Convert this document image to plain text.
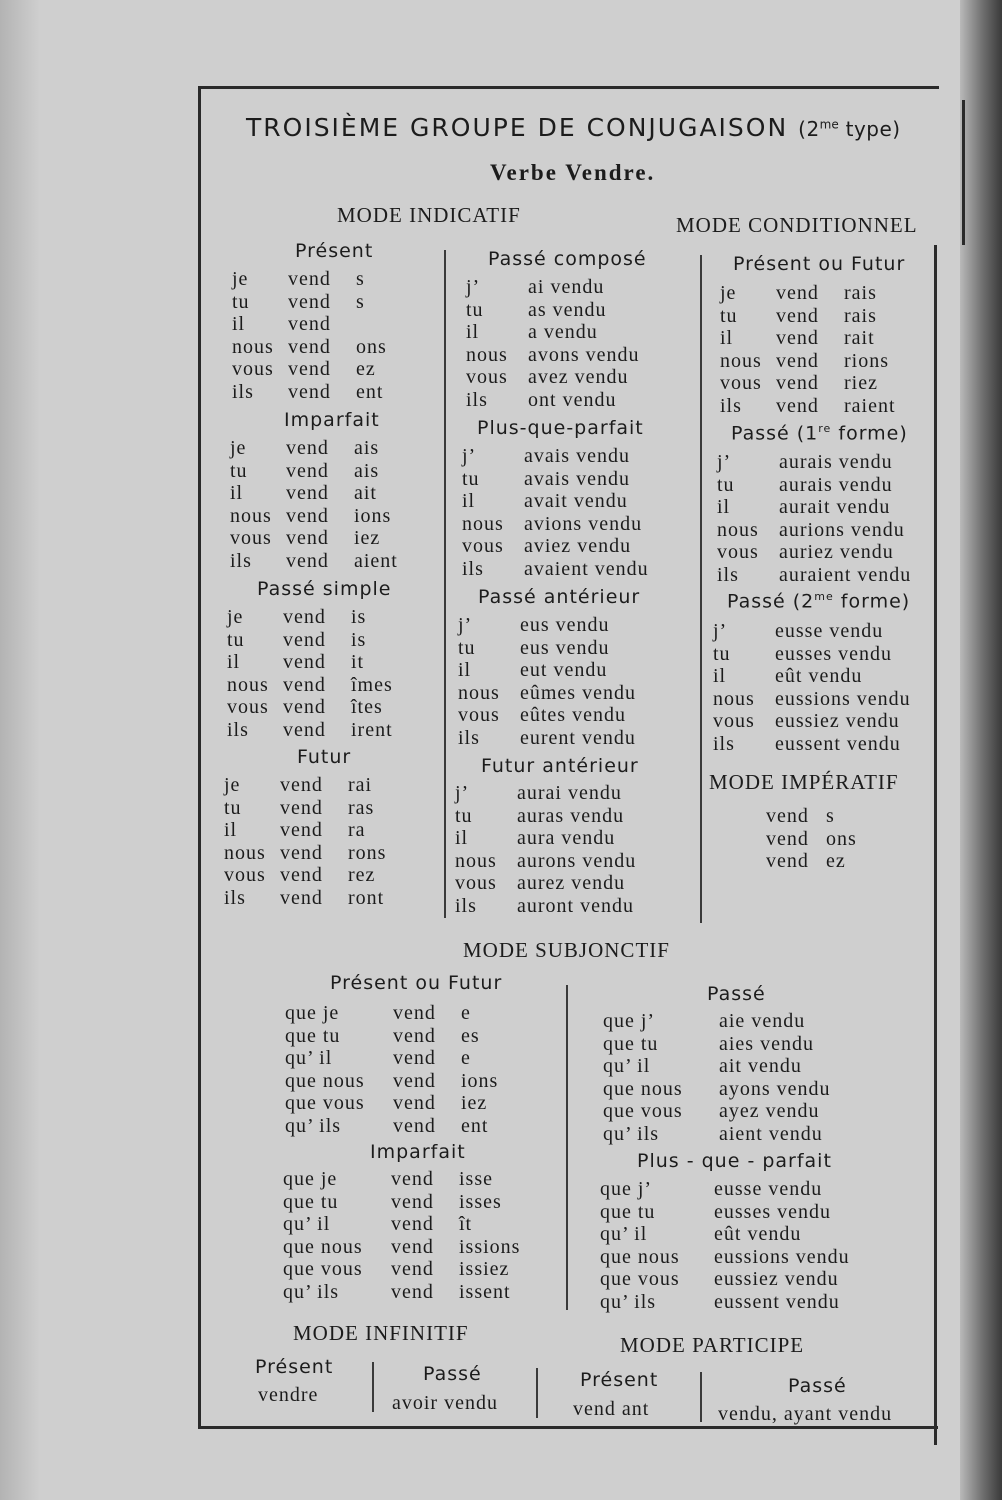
TROISIÈME GROUPE DE CONJUGAISON ($2^{me}$ type)
Verbe Vendre.
MODE INDICATIF	MODE CONDITIONNEL
Présent
je vend s
tu vend s
il vend
nous vend ons
vous vend ez
ils vend ent
Imparfait
je vend ais
tu vend ais
il vend ait
nous vend ions
vous vend iez
ils vend aient
Passé simple
je vend is
tu vend is
il vend it
nous vend îmes
vous vend îtes
ils vend irent
Futur
je vend rai
tu vend ras
il vend ra
nous vend rons
vous vend rez
ils vend ront
Passé composé
j’ ai vendu
tu as vendu
il a vendu
nous avons vendu
vous avez vendu
ils ont vendu
Plus-que-parfait
j’ avais vendu
tu avais vendu
il avait vendu
nous avions vendu
vous aviez vendu
ils avaient vendu
Passé antérieur
j’ eus vendu
tu eus vendu
il eut vendu
nous eûmes vendu
vous eûtes vendu
ils eurent vendu
Futur antérieur
j’ aurai vendu
tu auras vendu
il aura vendu
nous aurons vendu
vous aurez vendu
ils auront vendu
Présent ou Futur
je vend rais
tu vend rais
il vend rait
nous vend rions
vous vend riez
ils vend raient
Passé (1re forme)
j’ aurais vendu
tu aurais vendu
il aurait vendu
nous aurions vendu
vous auriez vendu
ils auraient vendu
Passé ($2^{me}$ forme)
j’ eusse vendu
tu eusses vendu
il eût vendu
nous eussions vendu
vous eussiez vendu
ils eussent vendu
MODE IMPÉRATIF
vend s
vend ons
vend ez
MODE SUBJONCTIF
Présent ou Futur
que je	vend e
que tu	vend es
qu’ il	vend e
que nous vend ions
que vous vend iez
qu’ ils	vend ent
Imparfait
que je	vend isse
que tu	vend isses
qu’ il	vend ît
que nous vend issions
que vous vend issiez
qu’ ils	vend issent
Passé
que j’	aie vendu
que tu	aies vendu
qu’ il	ait vendu
que nous ayons vendu
que vous ayez vendu
qu’ ils	aient vendu
Plus - que - parfait
que j’	eusse vendu
que tu	eusses vendu
qu’ il	eût vendu
que nous eussions vendu
que vous eussiez vendu
qu’ ils	eussent vendu
MODE INFINITIF	MODE PARTICIPE
Présent
vendre
Passé
avoir vendu
Présent
vend ant
Passé
vendu, ayant vendu
